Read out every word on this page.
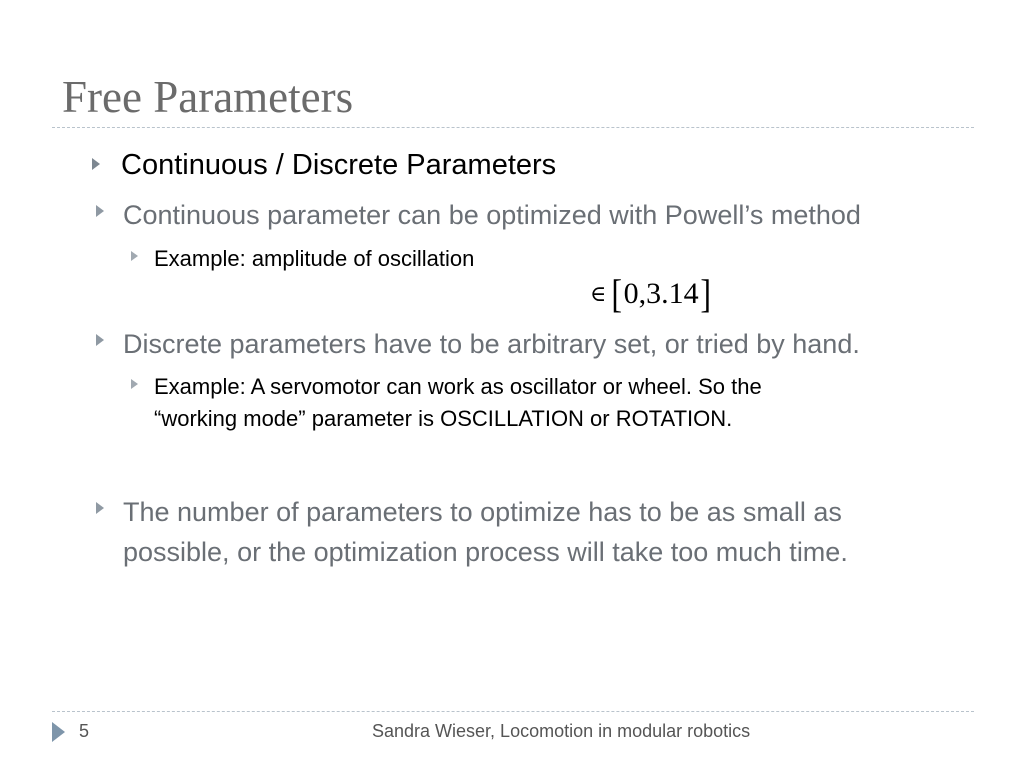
Free Parameters
Continuous / Discrete Parameters
Continuous parameter can be optimized with Powell’s method
Example: amplitude of oscillation
∈ [ 0,3.14 ]
Discrete parameters have to be arbitrary set, or tried by hand.
Example: A servomotor can work as oscillator or wheel. So the
“working mode” parameter is OSCILLATION or ROTATION.
The number of parameters to optimize has to be as small as
possible, or the optimization process will take too much time.
5	Sandra Wieser, Locomotion in modular robotics
